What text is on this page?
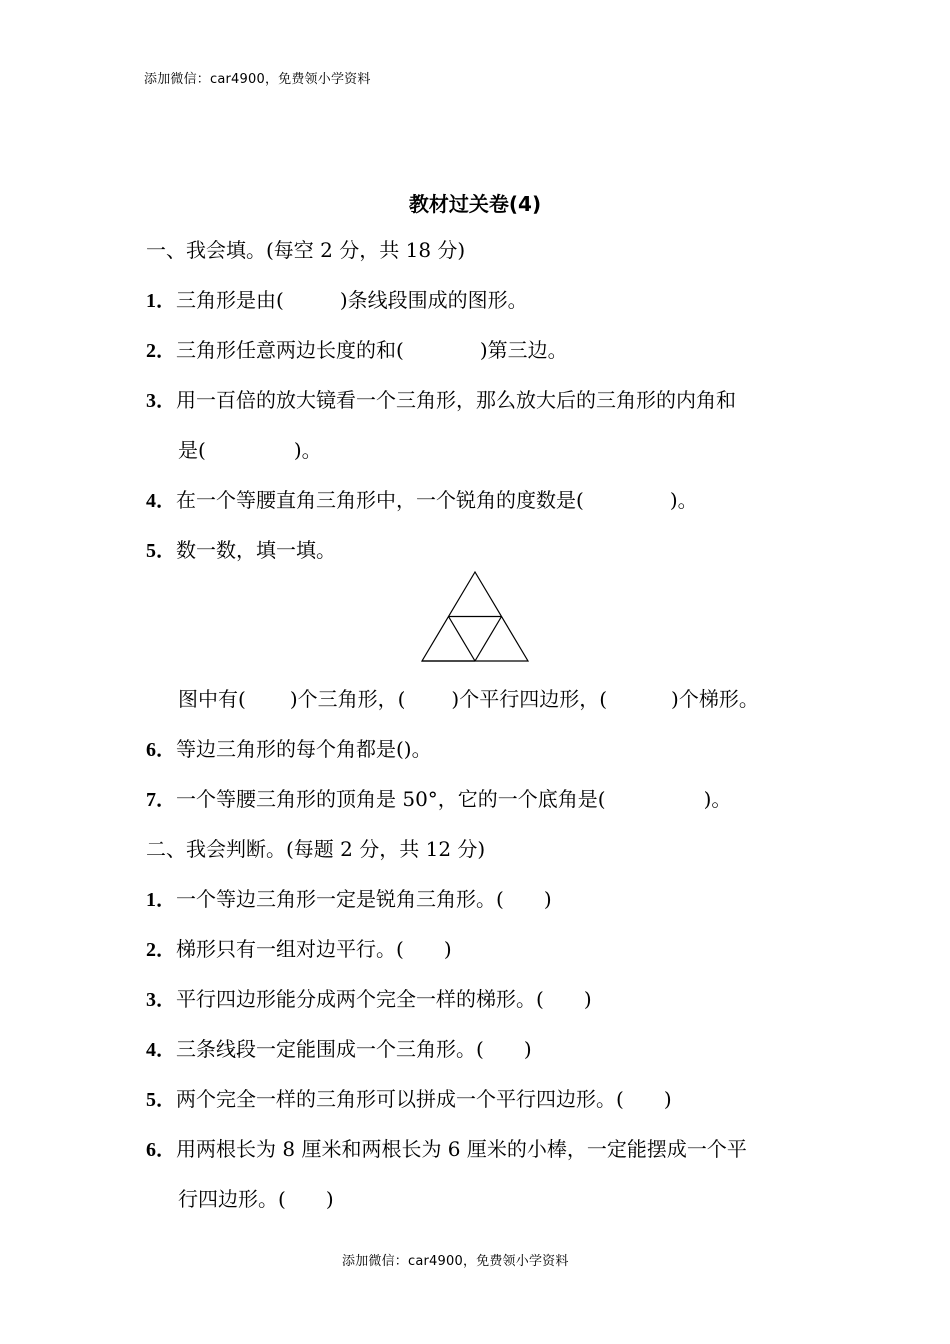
添加微信：car4900，免费领小学资料
教材过关卷(4)
一、我会填。(每空 2 分，共 18 分)
1．三角形是由(	)条线段围成的图形。
2．三角形任意两边长度的和(	)第三边。
3．用一百倍的放大镜看一个三角形，那么放大后的三角形的内角和
是(	)。
4．在一个等腰直角三角形中，一个锐角的度数是(	)。
5．数一数，填一填。
图中有( )个三角形，( )个平行四边形，(	)个梯形。
6．等边三角形的每个角都是()。
7．一个等腰三角形的顶角是 50°，它的一个底角是(	)。
二、我会判断。(每题 2 分，共 12 分)
1．一个等边三角形一定是锐角三角形。( )
2．梯形只有一组对边平行。( )
3．平行四边形能分成两个完全一样的梯形。( )
4．三条线段一定能围成一个三角形。( )
5．两个完全一样的三角形可以拼成一个平行四边形。( )
6．用两根长为 8 厘米和两根长为 6 厘米的小棒，一定能摆成一个平
行四边形。( )
添加微信：car4900，免费领小学资料
